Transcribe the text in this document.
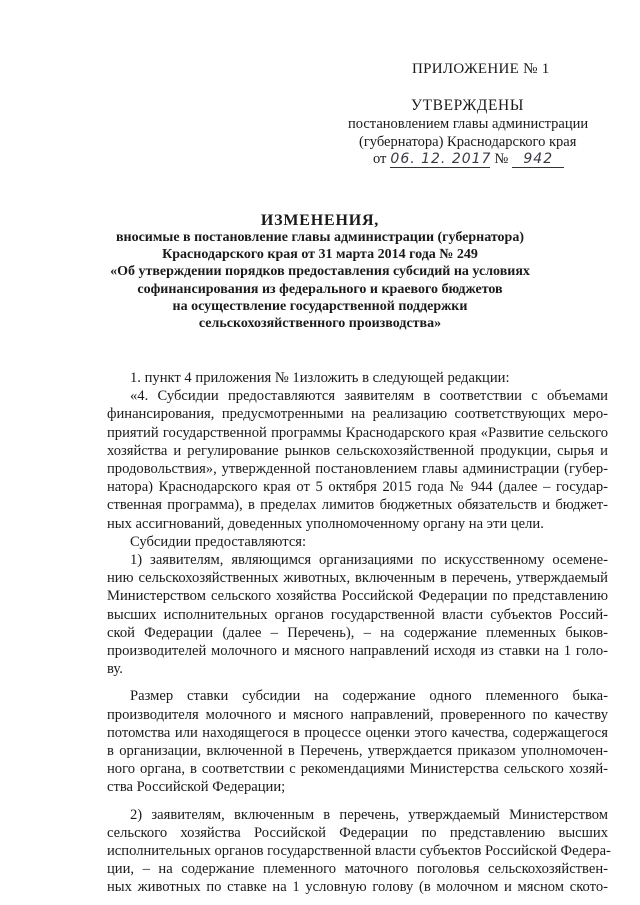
ПРИЛОЖЕНИЕ № 1
УТВЕРЖДЕНЫ
постановлением главы администрации
(губернатора) Краснодарского края
от 06. 12. 2017 № 942
ИЗМЕНЕНИЯ,
вносимые в постановление главы администрации (губернатора)
Краснодарского края от 31 марта 2014 года № 249
«Об утверждении порядков предоставления субсидий на условиях
софинансирования из федерального и краевого бюджетов
на осуществление государственной поддержки
сельскохозяйственного производства»

1. пункт 4 приложения № 1изложить в следующей редакции:

«4. Субсидии предоставляются заявителям в соответствии с объемами
финансирования, предусмотренными на реализацию соответствующих меро-
приятий государственной программы Краснодарского края «Развитие сельского
хозяйства и регулирование рынков сельскохозяйственной продукции, сырья и
продовольствия», утвержденной постановлением главы администрации (губер-
натора) Краснодарского края от 5 октября 2015 года № 944 (далее – государ-
ственная программа), в пределах лимитов бюджетных обязательств и бюджет-
ных ассигнований, доведенных уполномоченному органу на эти цели.

Субсидии предоставляются:

1) заявителям, являющимся организациями по искусственному осемене-
нию сельскохозяйственных животных, включенным в перечень, утверждаемый
Министерством сельского хозяйства Российской Федерации по представлению
высших исполнительных органов государственной власти субъектов Россий-
ской Федерации (далее – Перечень), – на содержание племенных быков-
производителей молочного и мясного направлений исходя из ставки на 1 голо-
ву.

Размер ставки субсидии на содержание одного племенного быка-
производителя молочного и мясного направлений, проверенного по качеству
потомства или находящегося в процессе оценки этого качества, содержащегося
в организации, включенной в Перечень, утверждается приказом уполномочен-
ного органа, в соответствии с рекомендациями Министерства сельского хозяй-
ства Российской Федерации;

2) заявителям, включенным в перечень, утверждаемый Министерством
сельского хозяйства Российской Федерации по представлению высших
исполнительных органов государственной власти субъектов Российской Федера-
ции, – на содержание племенного маточного поголовья сельскохозяйствен-
ных животных по ставке на 1 условную голову (в молочном и мясном ското-
